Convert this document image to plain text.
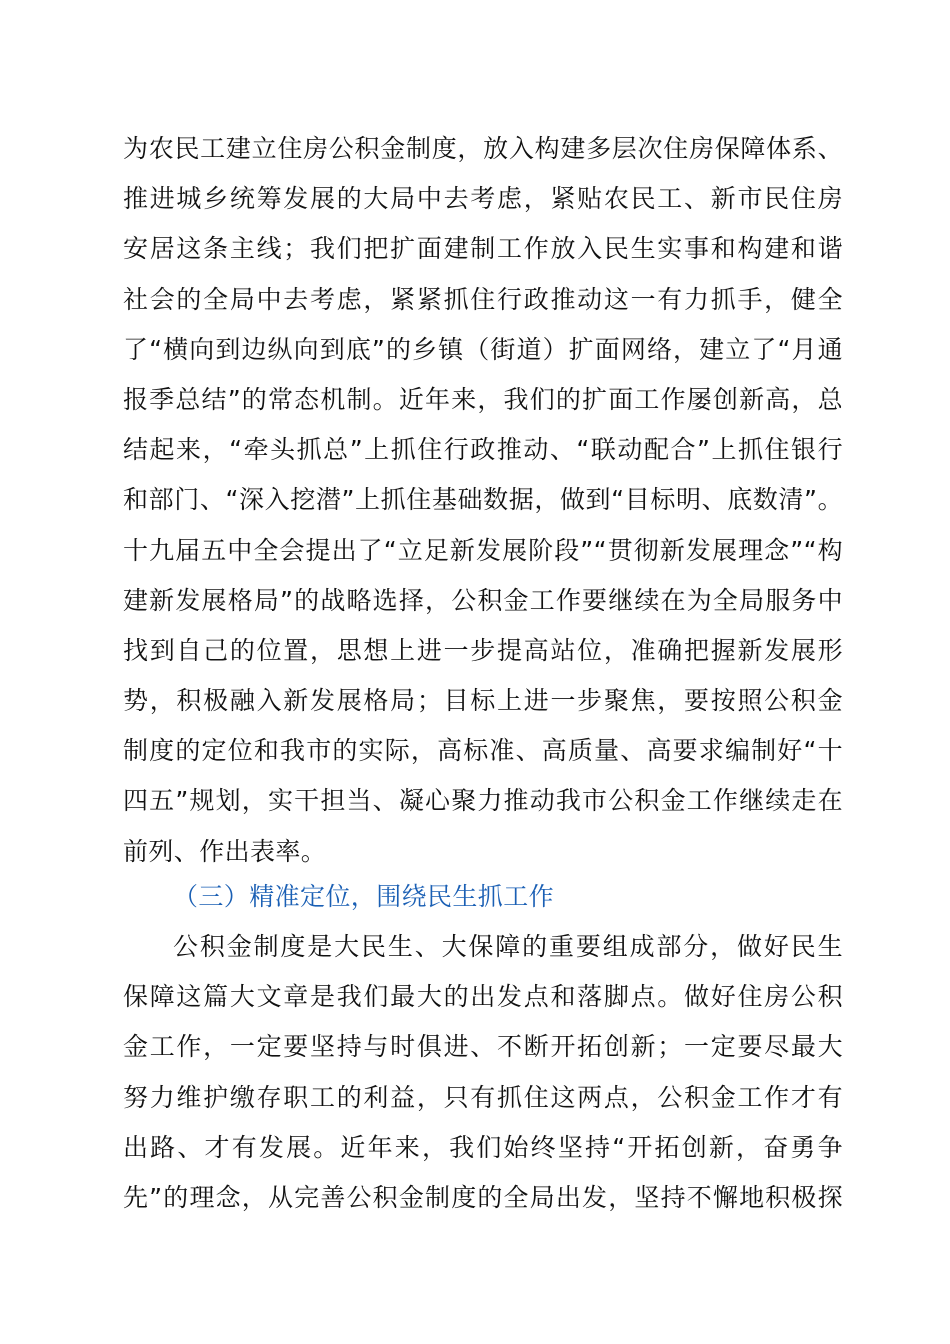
为农民工建立住房公积金制度，放入构建多层次住房保障体系、
推进城乡统筹发展的大局中去考虑，紧贴农民工、新市民住房
安居这条主线；我们把扩面建制工作放入民生实事和构建和谐
社会的全局中去考虑，紧紧抓住行政推动这一有力抓手，健全
了“横向到边纵向到底”的乡镇（街道）扩面网络，建立了“月通
报季总结”的常态机制。近年来，我们的扩面工作屡创新高，总
结起来，“牵头抓总”上抓住行政推动、“联动配合”上抓住银行
和部门、“深入挖潜”上抓住基础数据，做到“目标明、底数清”。
十九届五中全会提出了“立足新发展阶段”“贯彻新发展理念”“构
建新发展格局”的战略选择，公积金工作要继续在为全局服务中
找到自己的位置，思想上进一步提高站位，准确把握新发展形
势，积极融入新发展格局；目标上进一步聚焦，要按照公积金
制度的定位和我市的实际，高标准、高质量、高要求编制好“十
四五”规划，实干担当、凝心聚力推动我市公积金工作继续走在
前列、作出表率。
（三）精准定位，围绕民生抓工作
公积金制度是大民生、大保障的重要组成部分，做好民生
保障这篇大文章是我们最大的出发点和落脚点。做好住房公积
金工作，一定要坚持与时俱进、不断开拓创新；一定要尽最大
努力维护缴存职工的利益，只有抓住这两点，公积金工作才有
出路、才有发展。近年来，我们始终坚持“开拓创新，奋勇争
先”的理念，从完善公积金制度的全局出发，坚持不懈地积极探
